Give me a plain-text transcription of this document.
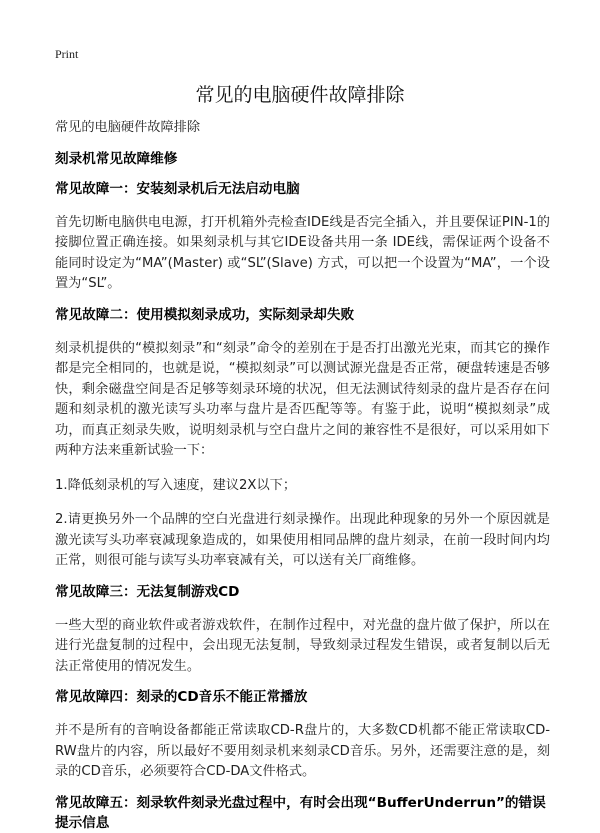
Print
常见的电脑硬件故障排除

常见的电脑硬件故障排除

刻录机常见故障维修

常见故障一：安装刻录机后无法启动电脑

首先切断电脑供电电源，打开机箱外壳检查IDE线是否完全插入，并且要保证PIN-1的接脚位置正确连接。如果刻录机与其它IDE设备共用一条 IDE线，需保证两个设备不能同时设定为“MA”(Master) 或“SL”(Slave) 方式，可以把一个设置为“MA”，一个设置为“SL”。

常见故障二：使用模拟刻录成功，实际刻录却失败

刻录机提供的“模拟刻录”和“刻录”命令的差别在于是否打出激光光束，而其它的操作都是完全相同的，也就是说，“模拟刻录”可以测试源光盘是否正常，硬盘转速是否够快，剩余磁盘空间是否足够等刻录环境的状况，但无法测试待刻录的盘片是否存在问题和刻录机的激光读写头功率与盘片是否匹配等等。有鉴于此，说明“模拟刻录”成功，而真正刻录失败，说明刻录机与空白盘片之间的兼容性不是很好，可以采用如下两种方法来重新试验一下：

1.降低刻录机的写入速度，建议2X以下；

2.请更换另外一个品牌的空白光盘进行刻录操作。出现此种现象的另外一个原因就是激光读写头功率衰减现象造成的，如果使用相同品牌的盘片刻录，在前一段时间内均正常，则很可能与读写头功率衰减有关，可以送有关厂商维修。

常见故障三：无法复制游戏CD

一些大型的商业软件或者游戏软件，在制作过程中，对光盘的盘片做了保护，所以在进行光盘复制的过程中，会出现无法复制，导致刻录过程发生错误，或者复制以后无法正常使用的情况发生。

常见故障四：刻录的CD音乐不能正常播放

并不是所有的音响设备都能正常读取CD-R盘片的，大多数CD机都不能正常读取CD-RW盘片的内容，所以最好不要用刻录机来刻录CD音乐。另外，还需要注意的是，刻录的CD音乐，必须要符合CD-DA文件格式。

常见故障五：刻录软件刻录光盘过程中，有时会出现“BufferUnderrun”的错误提示信息
